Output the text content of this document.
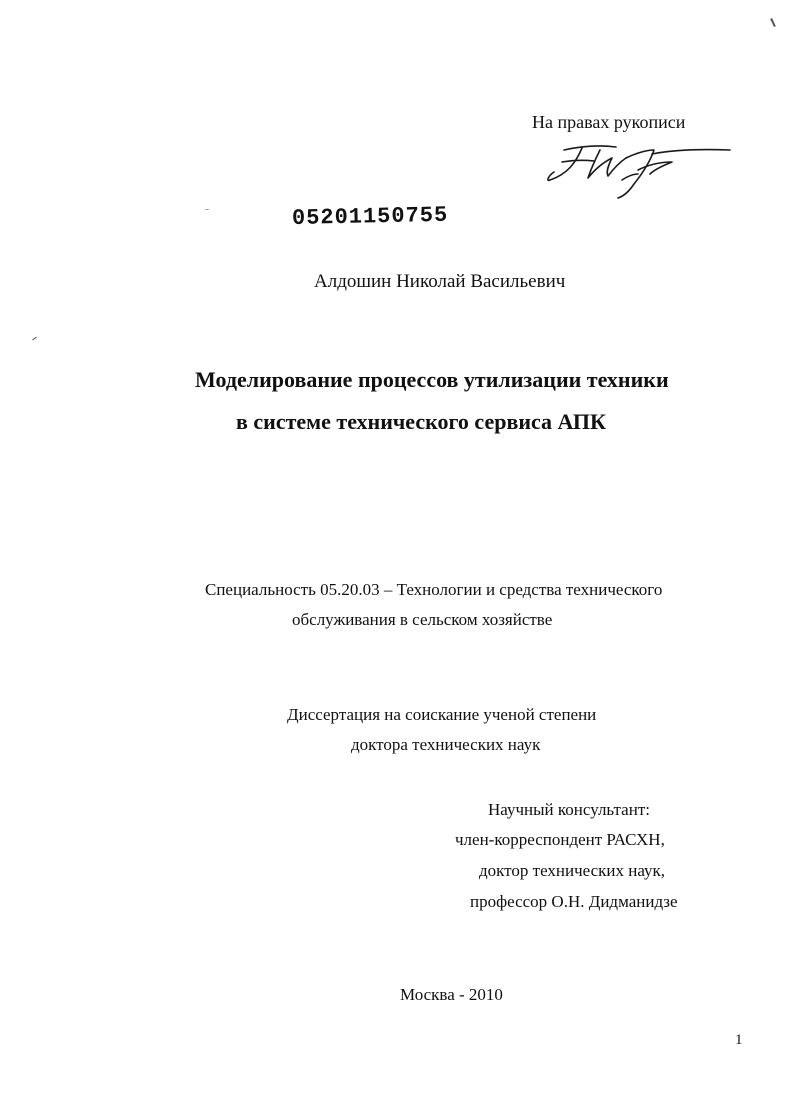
На правах рукописи
05201150755
Алдошин Николай Васильевич
Моделирование процессов утилизации техники
в системе технического сервиса АПК
Специальность 05.20.03 – Технологии и средства технического
обслуживания в сельском хозяйстве
Диссертация на соискание ученой степени
доктора технических наук
Научный консультант:
член-корреспондент РАСХН,
доктор технических наук,
профессор О.Н. Дидманидзе
Москва - 2010
1
